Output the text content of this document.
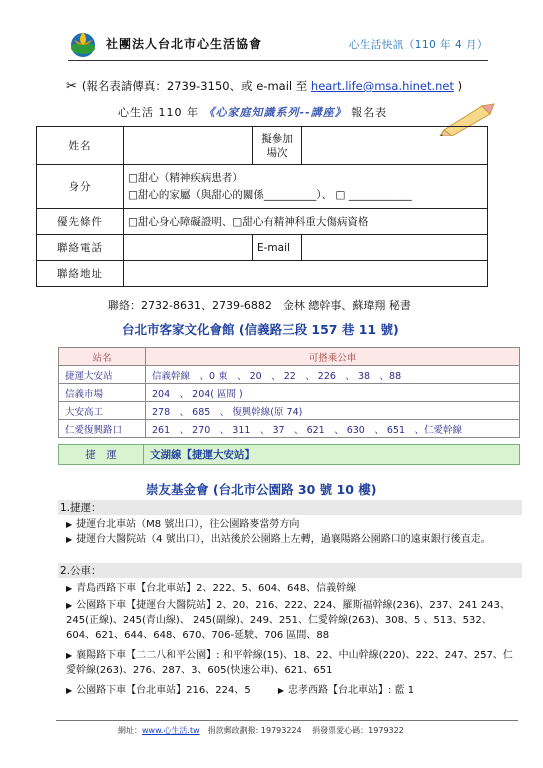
社團法人台北市心生活協會	心生活快訊（110 年 4 月）
✂ (報名表請傳真：2739-3150、或 e-mail 至 heart.life@msa.hinet.net )
心生活 110 年 《心家庭知識系列--講座》 報名表
姓名		擬參加場次	
身分	□甜心（精神疾病患者）
□甜心的家屬（與甜心的關係__________）、 □ ____________		

優先條件	□甜心身心障礙證明、□甜心有精神科重大傷病資格		
聯絡電話		E-mail	
聯絡地址			
聯絡：2732-8631、2739-6882　金林 總幹事、蘇瑋翔 秘書
台北市客家文化會館 (信義路三段 157 巷 11 號)
站名	可搭乘公車
捷運大安站	信義幹線　、0 東　、 20　、 22　、 226　、 38　、88
信義市場	204　、 204( 區間 )
大安高工	278　、 685　、 復興幹線(原 74)
仁愛復興路口	261　、 270　、 311　、 37　、 621　、 630　、 651　、仁愛幹線
捷　運	文湖線【捷運大安站】
崇友基金會 (台北市公園路 30 號 10 樓)
1.捷運：
▶ 捷運台北車站（M8 號出口），往公園路麥當勞方向
▶ 捷運台大醫院站（4 號出口），出站後於公園路上左轉，過襄陽路公園路口的遠東銀行後直走。
2.公車：
▶ 青島西路下車【台北車站】2、222、5、604、648、信義幹線
▶ 公園路下車【捷運台大醫院站】2、20、216、222、224、羅斯福幹線(236)、237、241 243、245(正線)、245(青山線)、 245(副線)、249、251、仁愛幹線(263)、308、5 、513、532、604、621、644、648、670、706-延駛、706 區間、88
▶ 襄陽路下車【二二八和平公園】: 和平幹線(15)、18、22、中山幹線(220)、222、247、257、仁愛幹線(263)、276、287、3、605(快速公車)、621、651
▶ 公園路下車【台北車站】216、224、5	▶ 忠孝西路【台北車站】: 藍 1
網址：www.心生活.tw　捐款郵政劃撥: 19793224　 捐發票愛心碼：1979322
